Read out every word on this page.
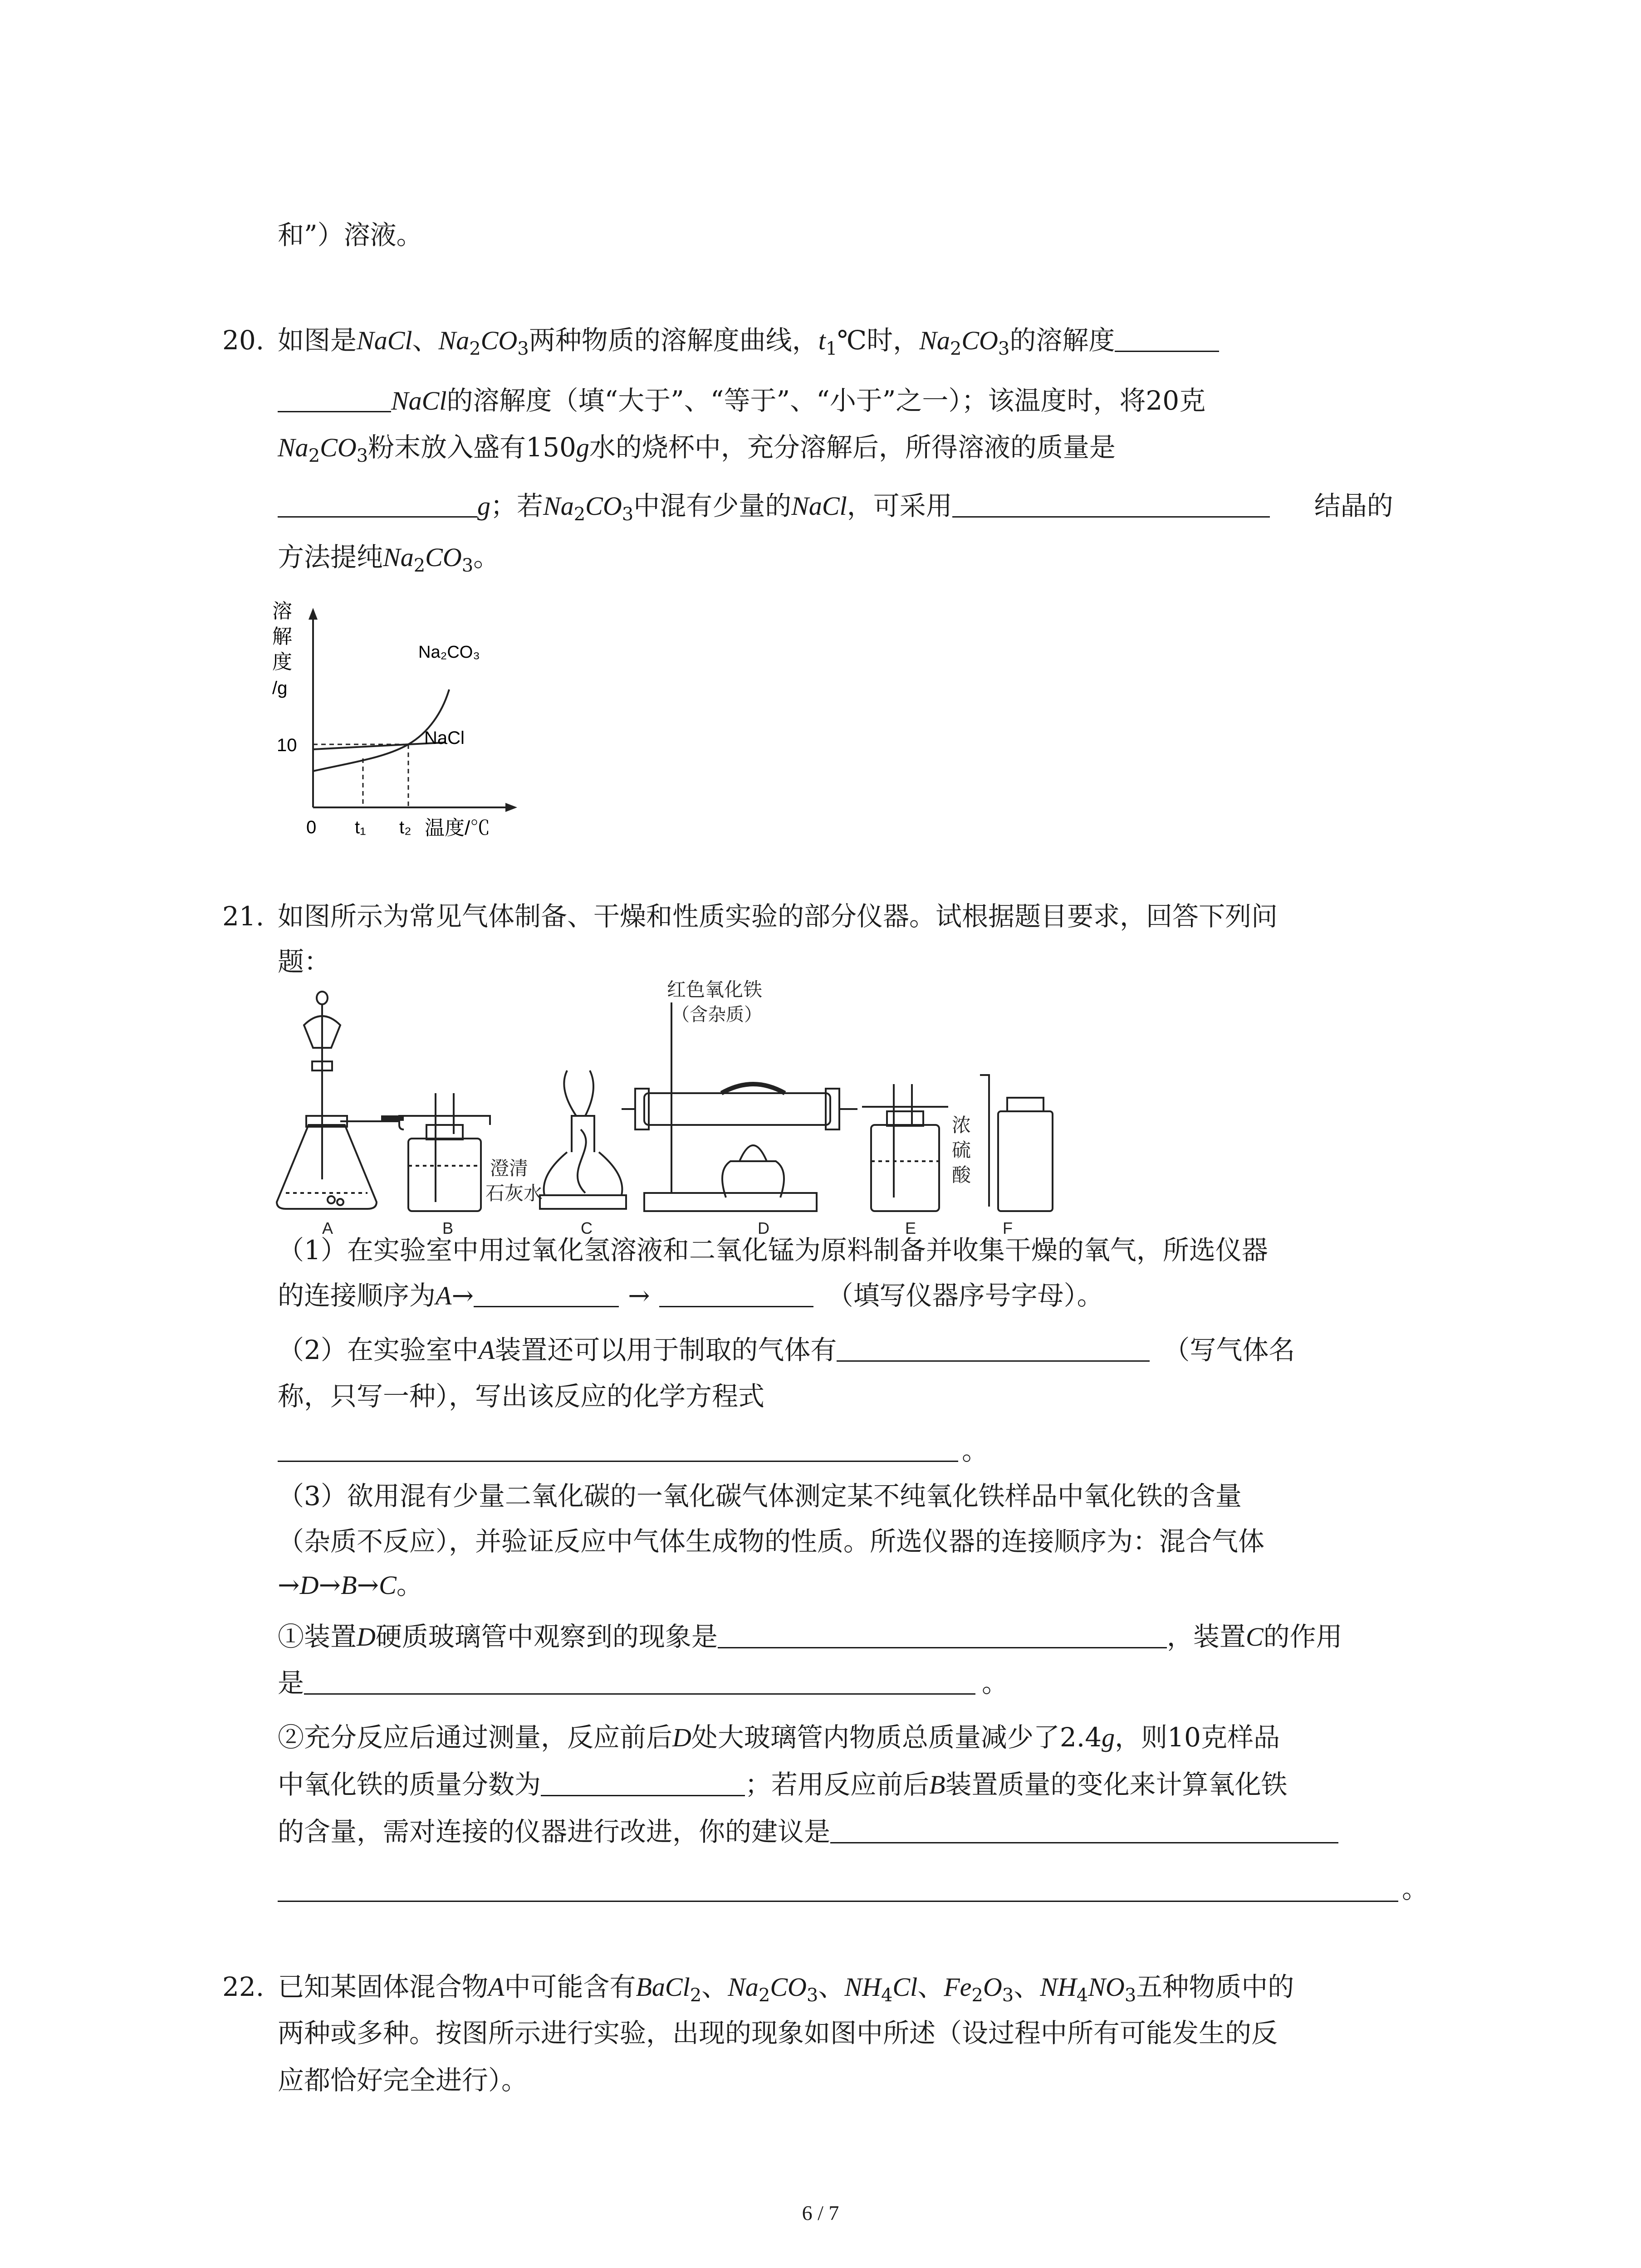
和”）溶液。
20. 如图是NaCl、$Na_2CO_3$两种物质的溶解度曲线，$t_1℃$时，$Na_2CO_3$的溶解度
NaCl的溶解度（填“大于”、“等于”、“小于”之一）；该温度时，将20克
$Na_2CO_3$粉末放入盛有150g水的烧杯中，充分溶解后，所得溶液的质量是
g；若$Na_2CO_3$中混有少量的NaCl，可采用	结晶的
方法提纯$Na_2CO_3$。
溶
解
度
/g
10
Na₂CO₃
NaCl
0 t₁ t₂ 温度/℃
21. 如图所示为常见气体制备、干燥和性质实验的部分仪器。试根据题目要求，回答下列问
题：
澄清
石灰水
红色氧化铁
（含杂质）
浓
硫
酸
A	B	C	D	E	F
（1）在实验室中用过氧化氢溶液和二氧化锰为原料制备并收集干燥的氧气，所选仪器
的连接顺序为A→	→	（填写仪器序号字母）。
（2）在实验室中A装置还可以用于制取的气体有	（写气体名
称，只写一种），写出该反应的化学方程式
。
（3）欲用混有少量二氧化碳的一氧化碳气体测定某不纯氧化铁样品中氧化铁的含量
（杂质不反应），并验证反应中气体生成物的性质。所选仪器的连接顺序为：混合气体
→D→B→C。
①装置D硬质玻璃管中观察到的现象是	，装置C的作用
是	。
②充分反应后通过测量，反应前后D处大玻璃管内物质总质量减少了2.4g，则10克样品
中氧化铁的质量分数为	；若用反应前后B装置质量的变化来计算氧化铁
的含量，需对连接的仪器进行改进，你的建议是
。
22. 已知某固体混合物A中可能含有BaCl$_2$、$Na_2CO_3$、$NH_4Cl$、$Fe_2O_3$、$NH_4NO_3$五种物质中的
两种或多种。按图所示进行实验，出现的现象如图中所述（设过程中所有可能发生的反
应都恰好完全进行）。
6 / 7
